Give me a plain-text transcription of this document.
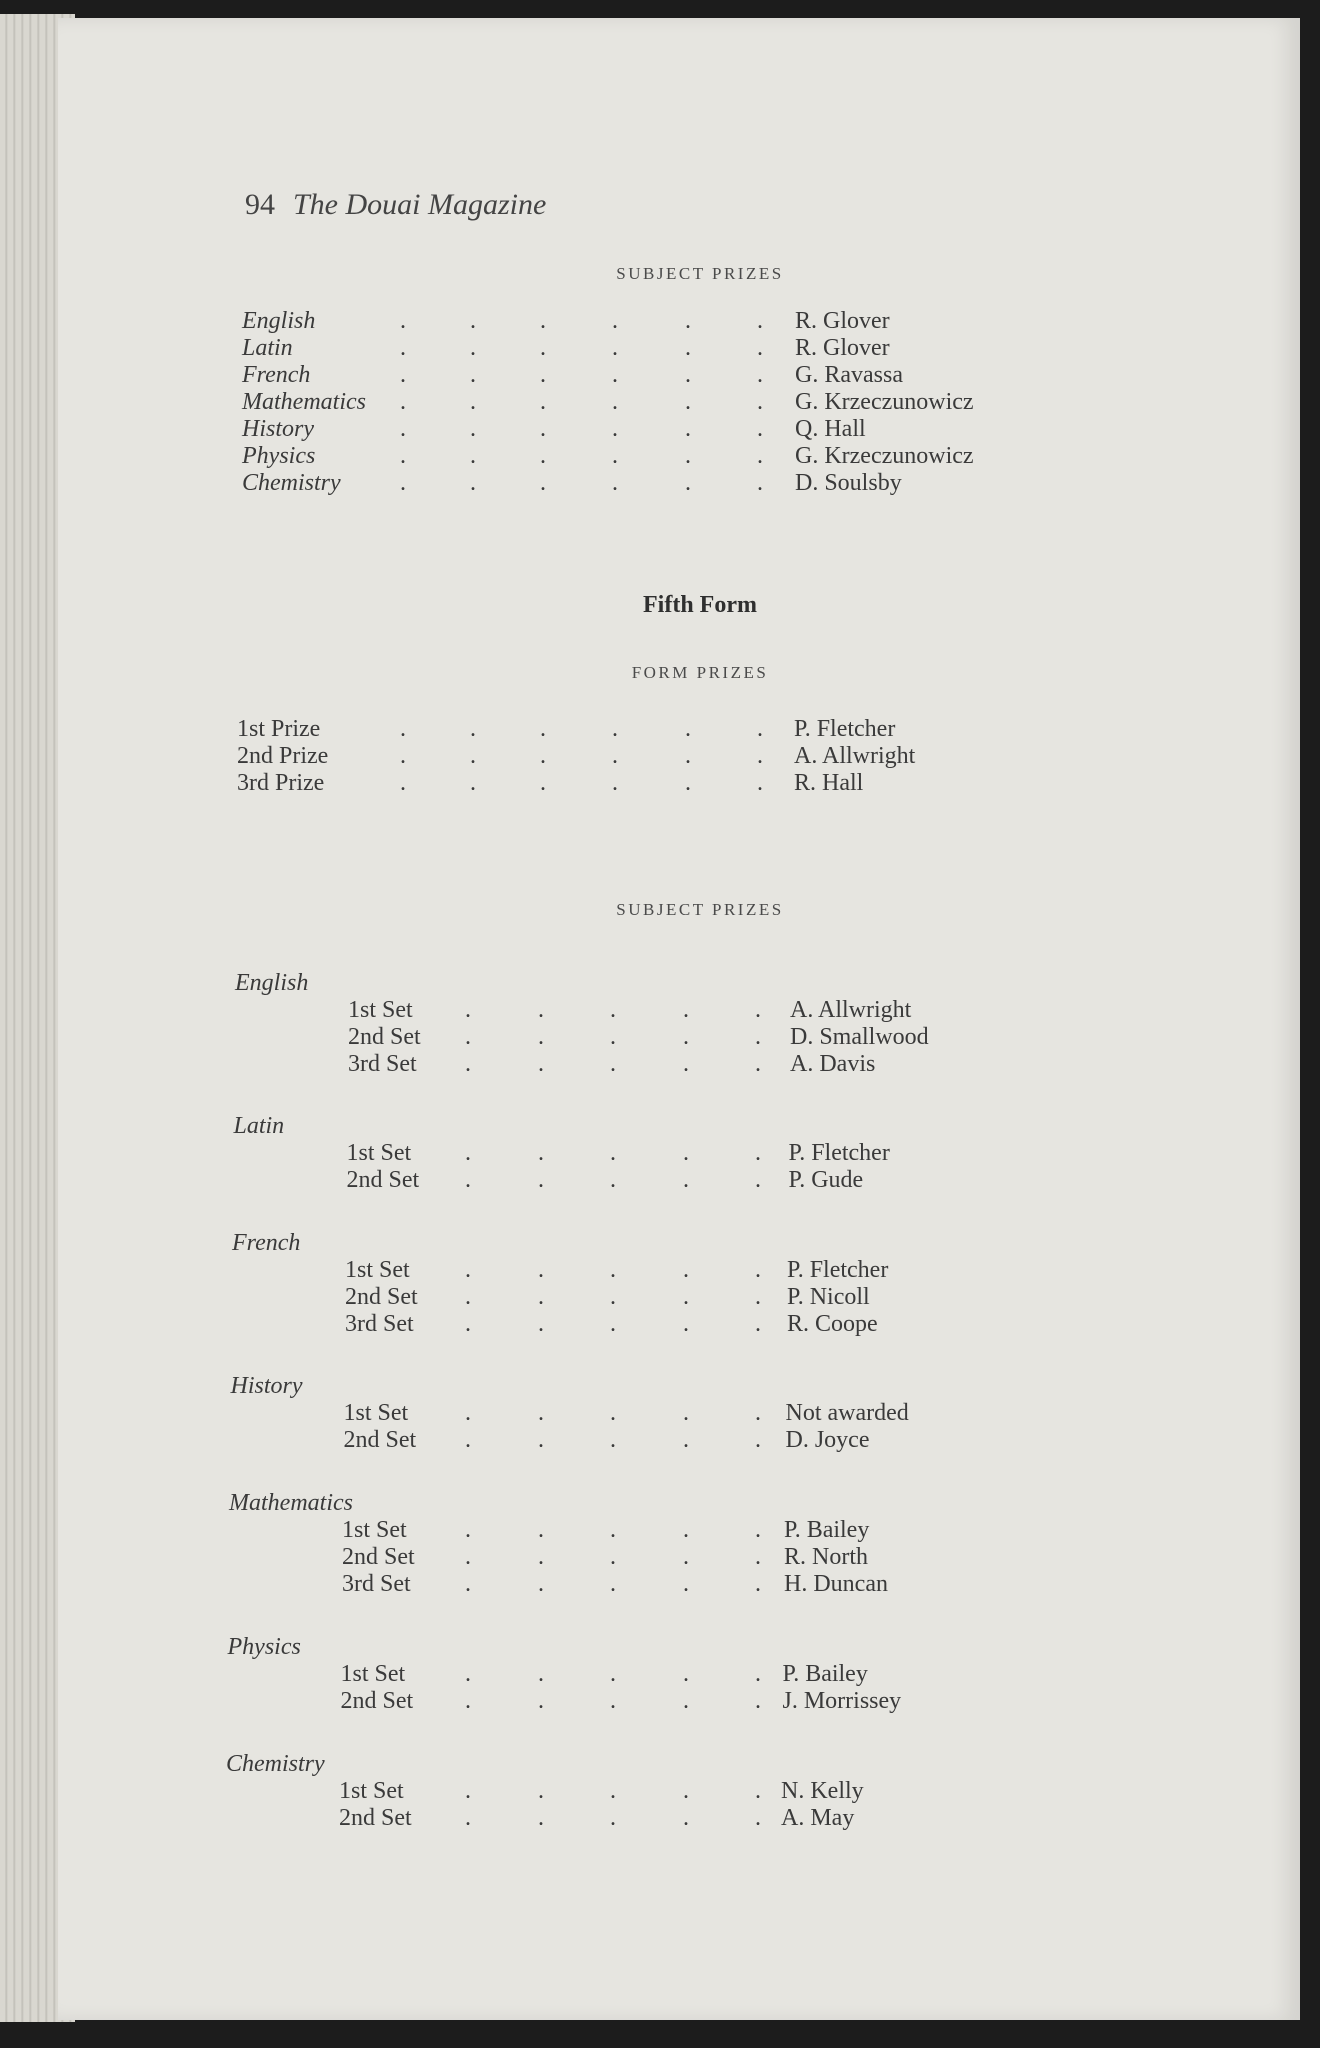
94 The Douai Magazine
SUBJECT PRIZES
English	.	.	.	.	.	. R. Glover
Latin	.	.	.	.	.	. R. Glover
French	.	.	.	.	.	. G. Ravassa
Mathematics .	.	.	.	.	. G. Krzeczunowicz
History	.	.	.	.	.	. Q. Hall
Physics	.	.	.	.	.	. G. Krzeczunowicz
Chemistry .	.	.	.	.	. D. Soulsby
Fifth Form
FORM PRIZES
1st Prize	.	.	.	.	.	. P. Fletcher
2nd Prize	.	.	.	.	.	. A. Allwright
3rd Prize	.	.	.	.	.	. R. Hall
SUBJECT PRIZES
English
1st Set .	.	.	.	. A. Allwright
2nd Set .	.	.	.	. D. Smallwood
3rd Set .	.	.	.	. A. Davis
Latin
1st Set .	.	.	.	. P. Fletcher
2nd Set .	.	.	.	. P. Gude
French
1st Set .	.	.	.	. P. Fletcher
2nd Set .	.	.	.	. P. Nicoll
3rd Set .	.	.	.	. R. Coope
History
1st Set .	.	.	.	. Not awarded
2nd Set .	.	.	.	. D. Joyce
Mathematics
1st Set .	.	.	.	. P. Bailey
2nd Set .	.	.	.	. R. North
3rd Set .	.	.	.	. H. Duncan
Physics
1st Set .	.	.	.	. P. Bailey
2nd Set .	.	.	.	. J. Morrissey
Chemistry
1st Set	.	.	.	.	. N. Kelly
2nd Set .	.	.	.	. A. May
